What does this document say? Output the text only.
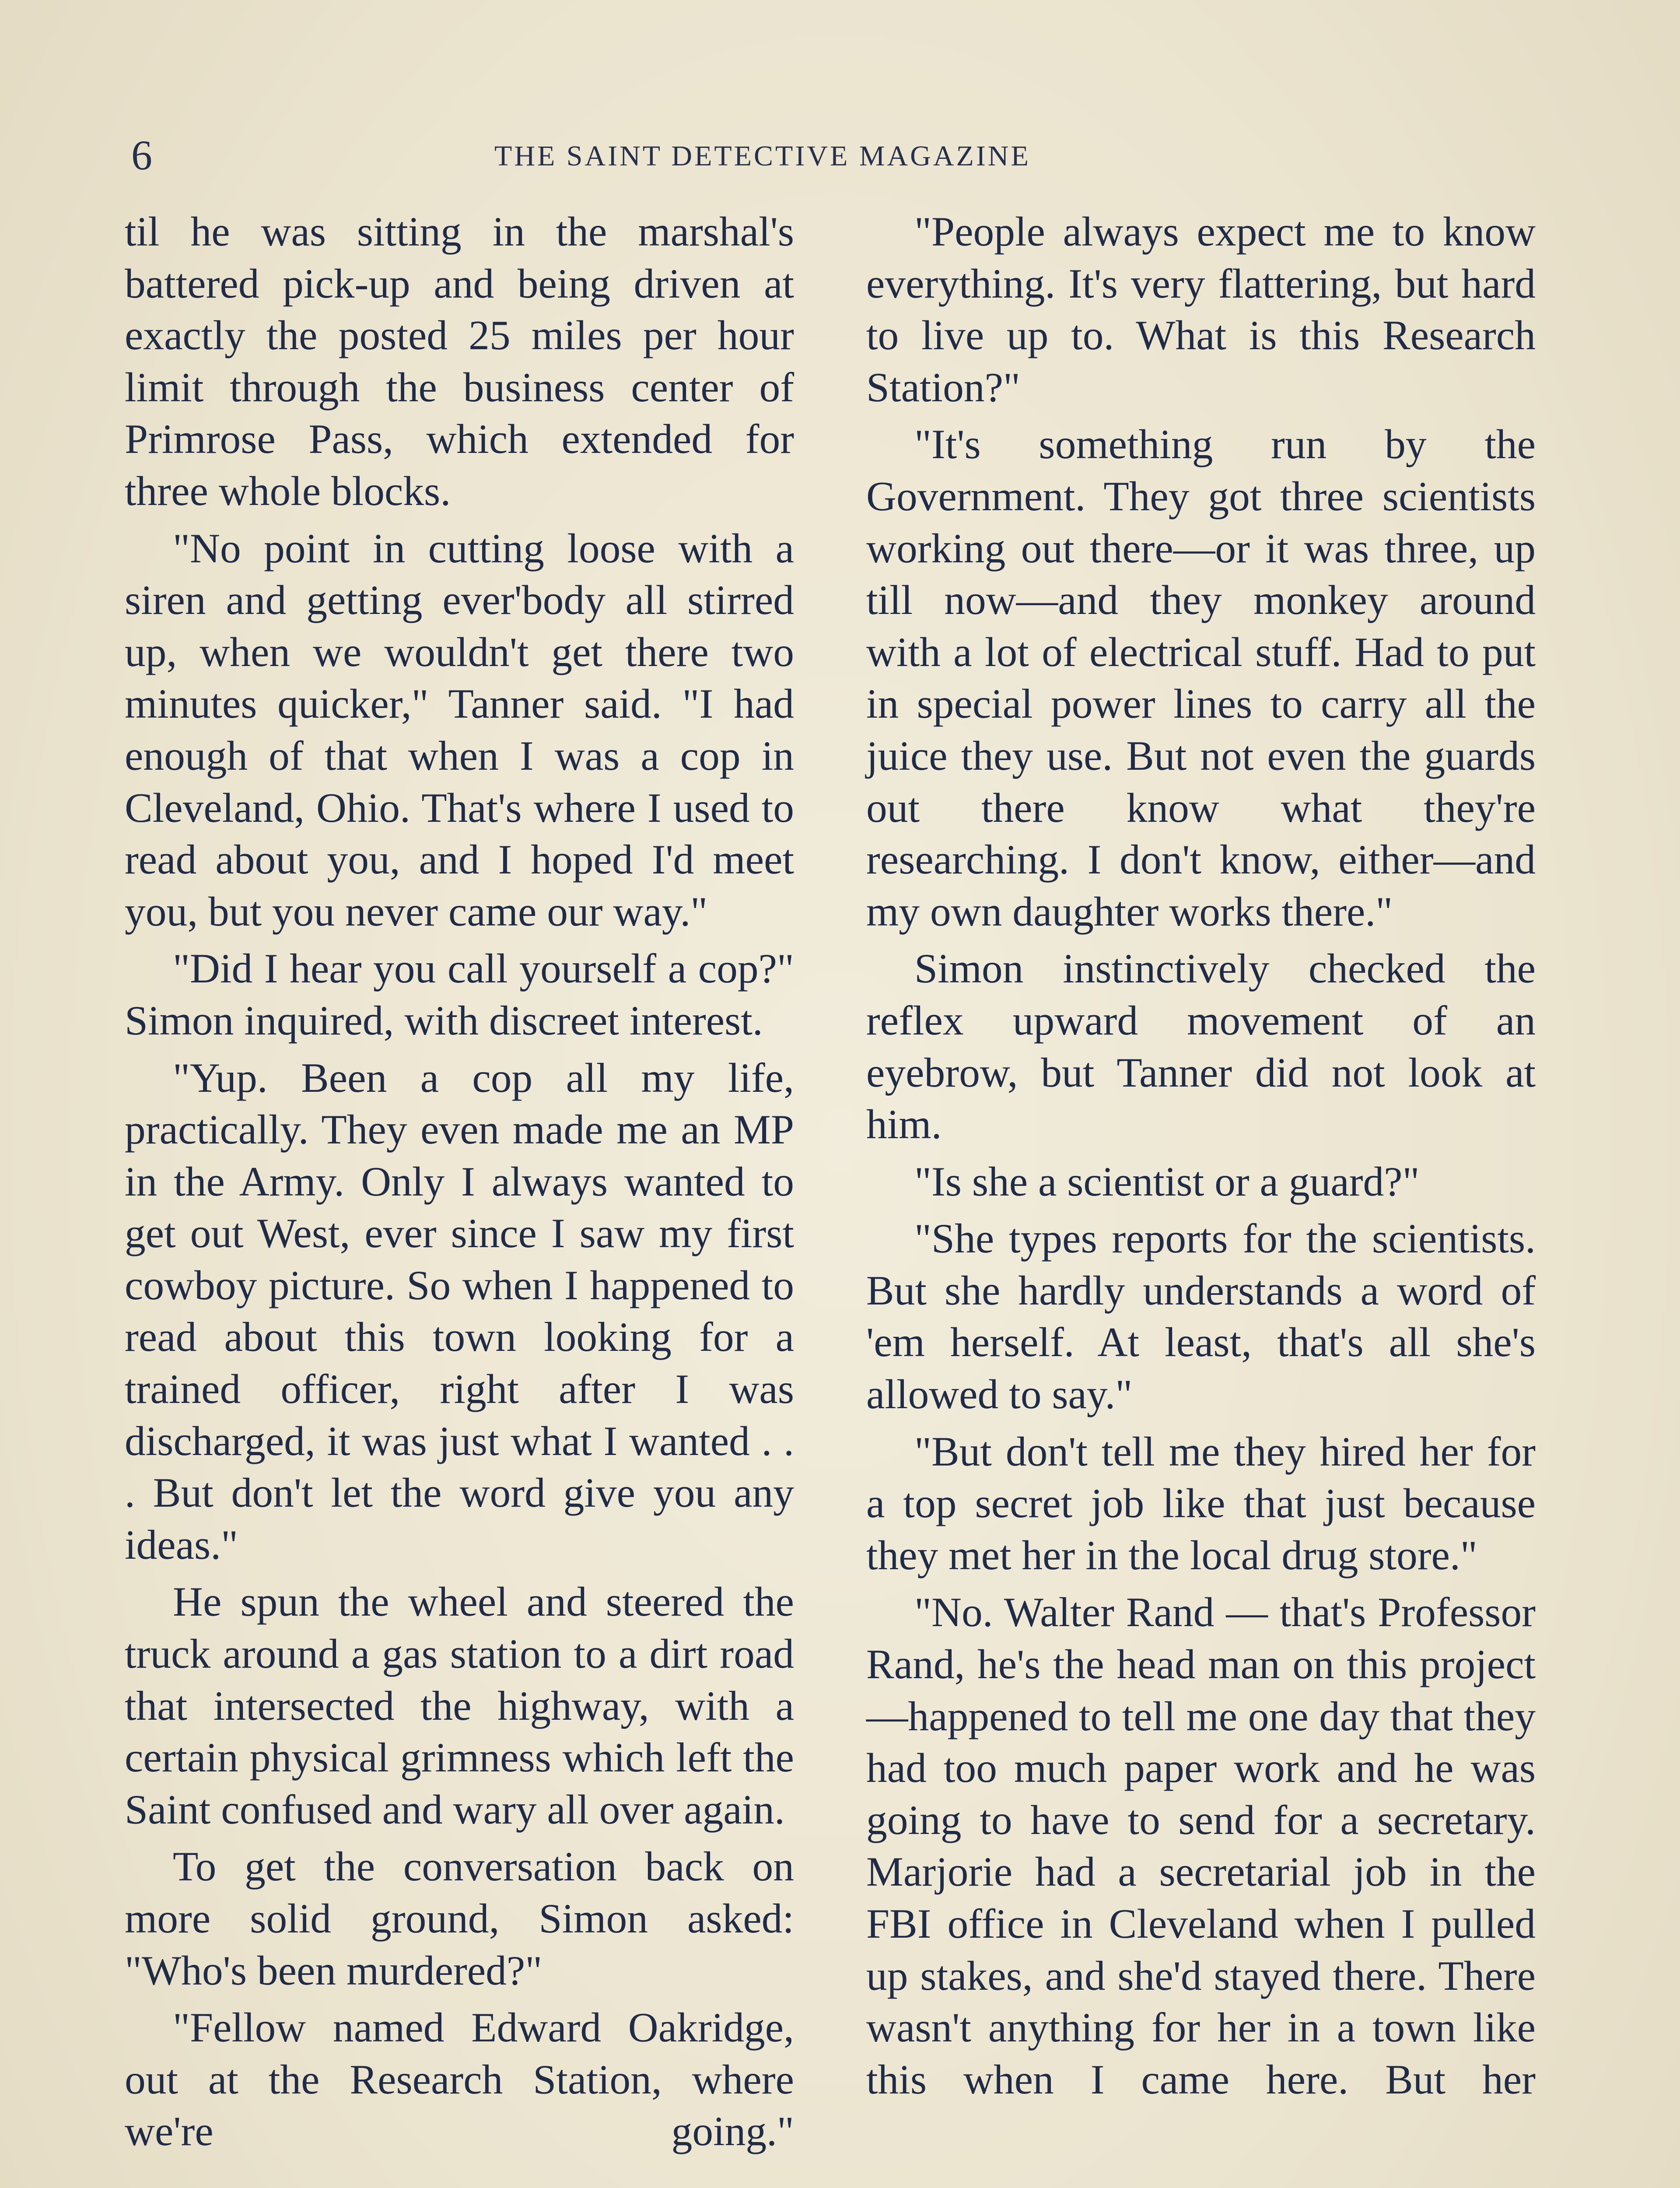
6	THE SAINT DETECTIVE MAGAZINE

til he was sitting in the marshal's battered pick-up and being driven at exactly the posted 25 miles per hour limit through the business center of Primrose Pass, which extended for three whole blocks.

"No point in cutting loose with a siren and getting ever'body all stirred up, when we wouldn't get there two minutes quicker," Tanner said. "I had enough of that when I was a cop in Cleveland, Ohio. That's where I used to read about you, and I hoped I'd meet you, but you never came our way."

"Did I hear you call yourself a cop?" Simon inquired, with discreet interest.

"Yup. Been a cop all my life, practically. They even made me an MP in the Army. Only I always wanted to get out West, ever since I saw my first cowboy picture. So when I happened to read about this town looking for a trained officer, right after I was discharged, it was just what I wanted . . . But don't let the word give you any ideas."

He spun the wheel and steered the truck around a gas station to a dirt road that intersected the highway, with a certain physical grimness which left the Saint confused and wary all over again.

To get the conversation back on more solid ground, Simon asked: "Who's been murdered?"

"Fellow named Edward Oakridge, out at the Research Station, where we're going."

"People always expect me to know everything. It's very flattering, but hard to live up to. What is this Research Station?"

"It's something run by the Government. They got three scientists working out there—or it was three, up till now—and they monkey around with a lot of electrical stuff. Had to put in special power lines to carry all the juice they use. But not even the guards out there know what they're researching. I don't know, either—and my own daughter works there."

Simon instinctively checked the reflex upward movement of an eyebrow, but Tanner did not look at him.

"Is she a scientist or a guard?"

"She types reports for the scientists. But she hardly understands a word of 'em herself. At least, that's all she's allowed to say."

"But don't tell me they hired her for a top secret job like that just because they met her in the local drug store."

"No. Walter Rand — that's Professor Rand, he's the head man on this project—happened to tell me one day that they had too much paper work and he was going to have to send for a secretary. Marjorie had a secretarial job in the FBI office in Cleveland when I pulled up stakes, and she'd stayed there. There wasn't anything for her in a town like this when I came here. But her
